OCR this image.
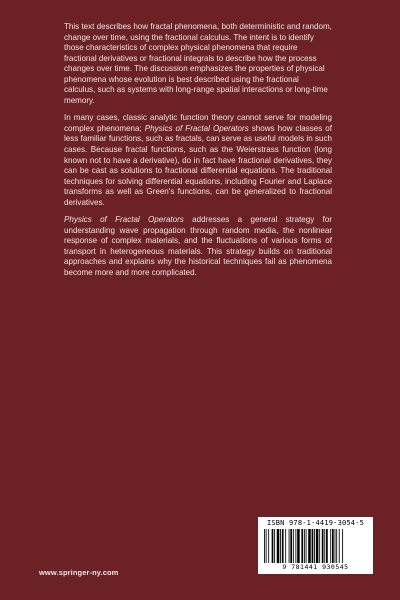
This text describes how fractal phenomena, both deterministic and random, change over time, using the fractional calculus. The intent is to identify those characteristics of complex physical phenomena that require fractional derivatives or fractional integrals to describe how the process changes over time. The discussion emphasizes the properties of physical phenomena whose evolution is best described using the fractional calculus, such as systems with long-range spatial interactions or long-time memory.

In many cases, classic analytic function theory cannot serve for modeling complex phenomena; Physics of Fractal Operators shows how classes of less familiar functions, such as fractals, can serve as useful models in such cases. Because fractal functions, such as the Weierstrass function (long known not to have a derivative), do in fact have fractional derivatives, they can be cast as solutions to fractional differential equations. The traditional techniques for solving differential equations, including Fourier and Laplace transforms as well as Green's functions, can be generalized to fractional derivatives.

Physics of Fractal Operators addresses a general strategy for understanding wave propagation through random media, the nonlinear response of complex materials, and the fluctuations of various forms of transport in heterogeneous materials. This strategy builds on traditional approaches and explains why the historical techniques fail as phenomena become more and more complicated.

ISBN 978-1-4419-3054-5
9 781441 930545
www.springer-ny.com
